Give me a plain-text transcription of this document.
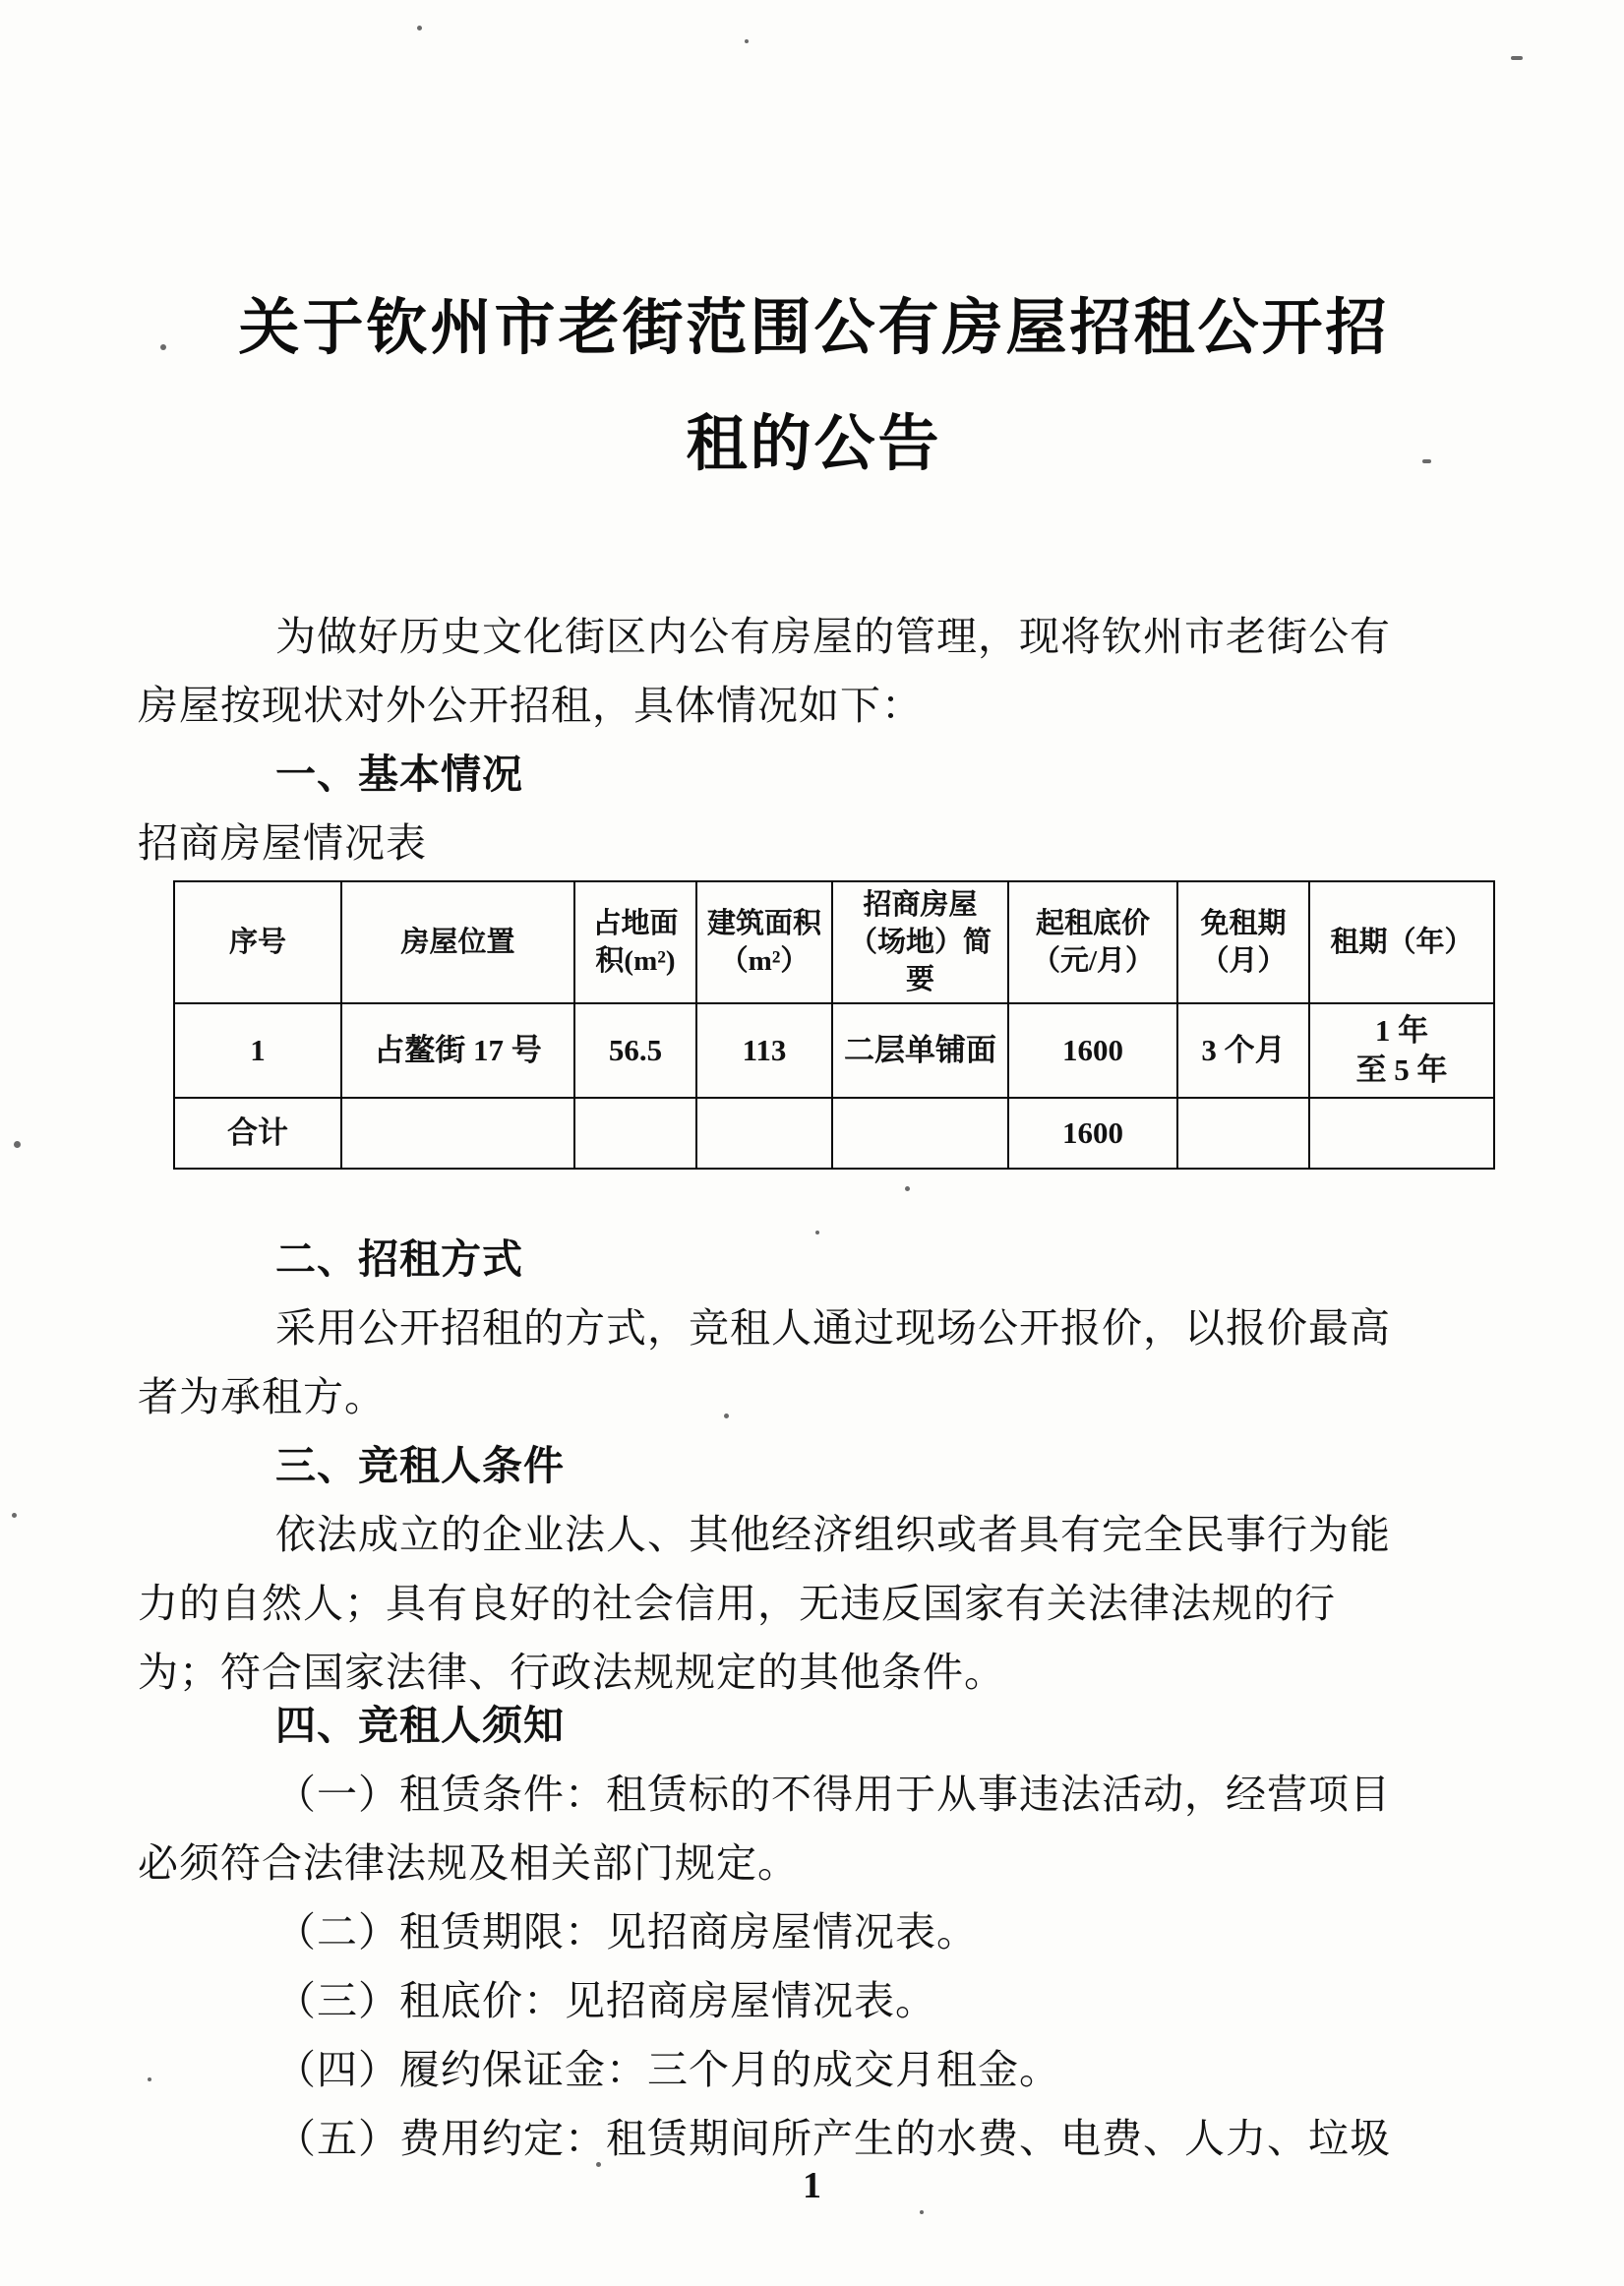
关于钦州市老街范围公有房屋招租公开招
租的公告
为做好历史文化街区内公有房屋的管理，现将钦州市老街公有
房屋按现状对外公开招租，具体情况如下：
一、基本情况
招商房屋情况表
序号	房屋位置	占地面积(m²)	建筑面积（m²）	招商房屋（场地）简要	起租底价（元/月）	免租期（月）	租期（年）
1	占鳌街 17 号	56.5	113	二层单铺面	1600	3 个月	1 年
至 5 年

合计					1600		
二、招租方式
采用公开招租的方式，竞租人通过现场公开报价，以报价最高
者为承租方。
三、竞租人条件
依法成立的企业法人、其他经济组织或者具有完全民事行为能
力的自然人；具有良好的社会信用，无违反国家有关法律法规的行
为；符合国家法律、行政法规规定的其他条件。
四、竞租人须知
（一）租赁条件：租赁标的不得用于从事违法活动，经营项目
必须符合法律法规及相关部门规定。
（二）租赁期限：见招商房屋情况表。
（三）租底价：见招商房屋情况表。
（四）履约保证金：三个月的成交月租金。
（五）费用约定：租赁期间所产生的水费、电费、人力、垃圾
1
